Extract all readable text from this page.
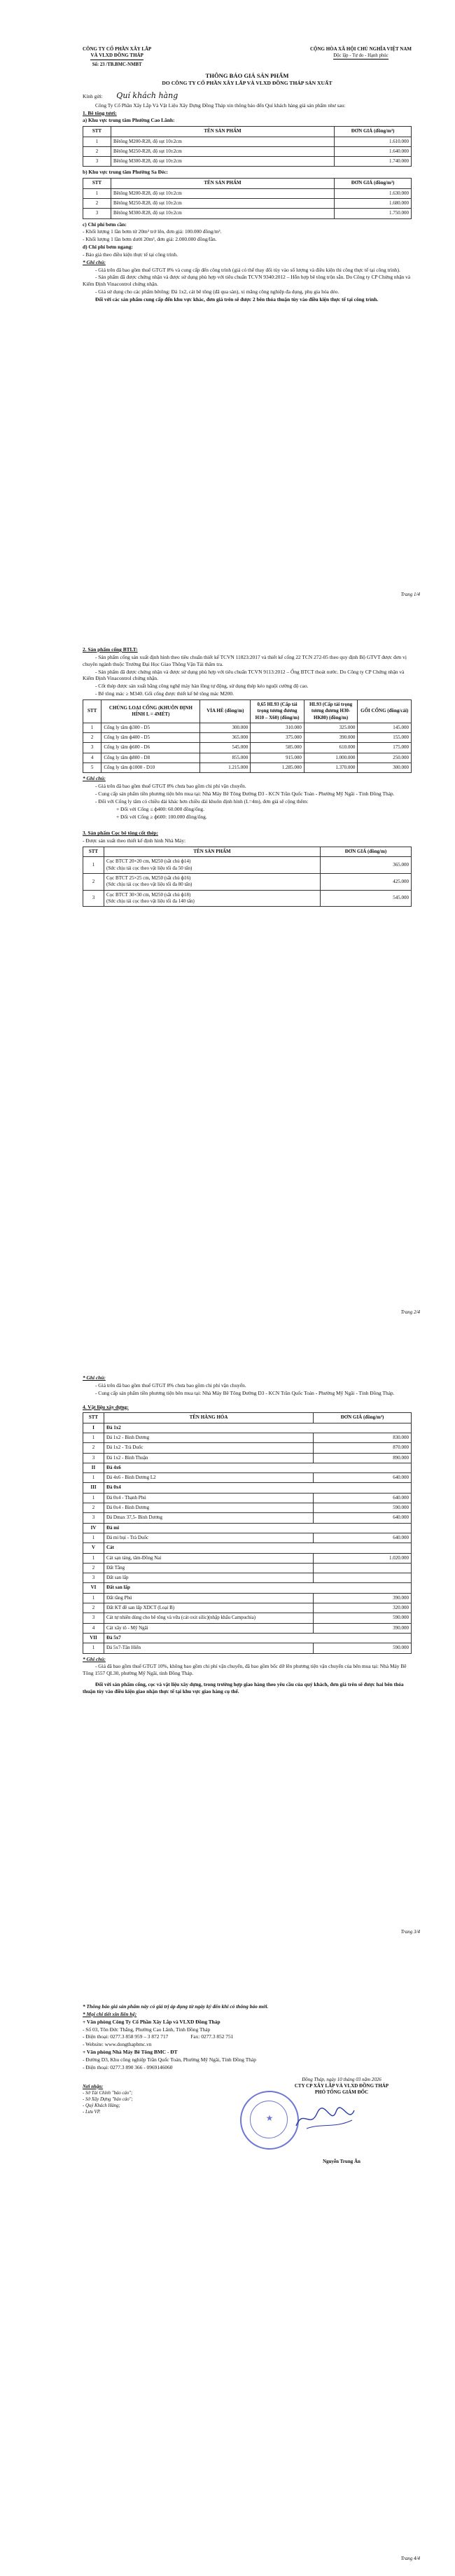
CÔNG TY CỔ PHẦN XÂY LẮP
VÀ VLXD ĐỒNG THÁP
Số: 23 /TB.BMC-NMBT
CỘNG HÒA XÃ HỘI CHỦ NGHĨA VIỆT NAM
Độc lập - Tự do - Hạnh phúc
THÔNG BÁO GIÁ SẢN PHẨM
DO CÔNG TY CỔ PHẦN XÂY LẮP VÀ VLXD ĐỒNG THÁP SẢN XUẤT
Kính gửi: Quí khách hàng

Công Ty Cổ Phần Xây Lắp Và Vật Liệu Xây Dựng Đồng Tháp xin thông báo đến Quí khách hàng giá sản phẩm như sau:

1. Bê tông tươi:

a) Khu vực trung tâm Phường Cao Lãnh:

STT	TÊN SẢN PHẨM	ĐƠN GIÁ (đồng/m³)
1	Bêtông M200-R28, độ sụt 10±2cm	1.610.000
2	Bêtông M250-R28, độ sụt 10±2cm	1.640.000
3	Bêtông M300-R28, độ sụt 10±2cm	1.740.000

b) Khu vực trung tâm Phường Sa Đéc:

STT	TÊN SẢN PHẨM	ĐƠN GIÁ (đồng/m³)
1	Bêtông M200-R28, độ sụt 10±2cm	1.630.000
2	Bêtông M250-R28, độ sụt 10±2cm	1.680.000
3	Bêtông M300-R28, độ sụt 10±2cm	1.750.000

c) Chi phí bơm cần:

- Khối lượng 1 lần bơm từ 20m³ trở lên, đơn giá: 100.000 đồng/m³.

- Khối lượng 1 lần bơm dưới 20m³, đơn giá: 2.000.000 đồng/lần.

d) Chi phí bơm ngang:

- Báo giá theo điều kiện thực tế tại công trình.

* Ghi chú:

- Giá trên đã bao gồm thuế GTGT 8% và cung cấp đến công trình (giá có thể thay đổi tùy vào số lượng và điều kiện thi công thực tế tại công trình).

- Sản phẩm đã được chứng nhận và được sử dụng phù hợp với tiêu chuẩn TCVN 9340:2012 – Hỗn hợp bê tông trộn sẵn. Do Công ty CP Chứng nhận và Kiểm Định Vinacontrol chứng nhận.

- Giá sử dụng cho các phẩm bêtông: Đá 1x2, cát bê tông (đã qua sàn), xi măng công nghiệp đa dụng, phụ gia hóa dẻo.

Đối với các sản phẩm cung cấp đến khu vực khác, đơn giá trên sẽ được 2 bên thỏa thuận tùy vào điều kiện thực tế tại công trình.

Trang 1/4

2. Sản phẩm cống BTLT:

- Sản phẩm cống sản xuất định hình theo tiêu chuẩn thiết kế TCVN 11823:2017 và thiết kế cống 22 TCN 272-05 theo quy định Bộ GTVT được đơn vị chuyên ngành thuộc Trường Đại Học Giao Thông Vận Tải thẩm tra.

- Sản phẩm đã được chứng nhận và được sử dụng phù hợp với tiêu chuẩn TCVN 9113:2012 – Ống BTCT thoát nước. Do Công ty CP Chứng nhận và Kiểm Định Vinacontrol chứng nhận.

- Cốt thép được sản xuất bằng công nghệ máy hàn lồng tự động, sử dụng thép kéo nguội cường độ cao.

- Bê tông mác ≥ M340. Gối cống được thiết kế bê tông mác M200.

STT	CHỦNG LOẠI CỐNG (KHUÔN ĐỊNH HÌNH L = 4MÉT)	VỈA HÈ (đồng/m)	0,65 HL93 (Cấp tải trọng tương đương H10 – X60) (đồng/m)	HL93 (Cấp tải trọng tương đương H30-HK80) (đồng/m)	GỐI CỐNG (đồng/cái)
1	Cống ly tâm ф300 - D5	300.000	310.000	325.000	145.000
2	Cống ly tâm ф400 - D5	365.000	375.000	390.000	155.000
3	Cống ly tâm ф600 - D6	545.000	585.000	610.000	175.000
4	Cống ly tâm ф800 - D8	855.000	915.000	1.000.000	250.000
5	Cống ly tâm ф1000 - D10	1.215.000	1.285.000	1.370.000	300.000

* Ghi chú:

- Giá trên đã bao gồm thuế GTGT 8% chưa bao gồm chi phí vận chuyển.

- Cung cấp sản phẩm tiền phương tiện bên mua tại: Nhà Máy Bê Tông Đường D3 - KCN Trần Quốc Toản - Phường Mỹ Ngãi - Tỉnh Đồng Tháp.

- Đối với Cống ly tâm có chiều dài khác hơn chiều dài khuôn định hình (L=4m), đơn giá sẽ cộng thêm:

+ Đối với Cống ≤ ф400: 60.000 đồng/ống.

+ Đối với Cống ≥ ф600: 100.000 đồng/ống.

3. Sản phẩm Cọc bê tông cốt thép:

- Được sản xuất theo thiết kế định hình Nhà Máy:

STT	TÊN SẢN PHẨM	ĐƠN GIÁ (đồng/m)
1	Cọc BTCT 20×20 cm, M250 (sắt chủ ф14)
(Sức chịu tải cọc theo vật liệu tối đa 50 tấn)	365.000
2	Cọc BTCT 25×25 cm, M250 (sắt chủ ф16)
(Sức chịu tải cọc theo vật liệu tối đa 80 tấn)	425.000
3	Cọc BTCT 30×30 cm, M250 (sắt chủ ф18)
(Sức chịu tải cọc theo vật liệu tối đa 140 tấn)	545.000
Trang 2/4

* Ghi chú:

- Giá trên đã bao gồm thuế GTGT 8% chưa bao gồm chi phí vận chuyển.

- Cung cấp sản phẩm tiền phương tiện bên mua tại: Nhà Máy Bê Tông Đường D3 - KCN Trần Quốc Toản - Phường Mỹ Ngãi - Tỉnh Đồng Tháp.

4. Vật liệu xây dựng:

STT	TÊN HÀNG HÓA	ĐƠN GIÁ (đồng/m³)
I	Đá 1x2	
1	Đá 1x2 - Bình Dương	830.000
2	Đá 1x2 - Trà Duốc	870.000
3	Đá 1x2 - Bình Thuận	890.000
II	Đá 4x6	
1	Đá 4x6 - Bình Dương L2	640.000
III	Đá 0x4	
1	Đá 0x4 - Thạnh Phú	640.000
2	Đá 0x4 - Bình Dương	590.000
3	Đá Dmax 37,5- Bình Dương	640.000
IV	Đá mi	
1	Đá mi bụi - Trà Duốc	640.000
V	Cát	
1	Cát sạn tảng, tâm-Đồng Nai	1.020.000
2	Đất Tẳng	
3	Đất san lấp	
VI	Đất san lấp	
1	Đất tầng Phú	390.000
2	Đất KT đề san lấp XDCT (Loại B)	320.000
3	Cát tự nhiên dùng cho bê tông và vữa (cát oxit silic)(nhập khẩu Campuchia)	590.000
4	Cát xây tô - Mỹ Ngãi	390.000
VII	Đá 5x7	
1	Đá 5x7-Tân Hiển	590.000

* Ghi chú:

- Giá đã bao gồm thuế GTGT 10%, không bao gồm chi phí vận chuyển, đã bao gồm bốc dỡ lên phương tiện vận chuyển của bên mua tại: Nhà Máy Bê Tông 1557 QL30, phường Mỹ Ngãi, tỉnh Đồng Tháp.

Đối với sản phẩm cống, cọc và vật liệu xây dựng, trong trường hợp giao hàng theo yêu cầu của quý khách, đơn giá trên sẽ được hai bên thỏa thuận tùy vào điều kiện giao nhận thực tế tại khu vực giao hàng cụ thể.

Trang 3/4

* Thông báo giá sản phẩm này có giá trị áp dụng từ ngày ký đến khi có thông báo mới.

* Mọi chi tiết xin liên hệ:

+ Văn phòng Công Ty Cổ Phần Xây Lắp và VLXD Đồng Tháp

- Số 03, Tôn Đức Thắng, Phường Cao Lãnh, Tỉnh Đồng Tháp

- Điện thoại: 0277.3 858 959 – 3 872 717	Fax: 0277.3 852 751

- Website: www.dongthapbmc.vn

+ Văn phòng Nhà Máy Bê Tông BMC - ĐT

- Đường D3, Khu công nghiệp Trần Quốc Toản, Phường Mỹ Ngãi, Tỉnh Đồng Tháp

- Điện thoại: 0277.3 890 366 - 0969146060

Nơi nhận:
- Sở Tài Chính "báo cáo";
- Sở Xây Dựng "báo cáo";
- Quý Khách Hàng;
- Lưu VP.
Đồng Tháp, ngày 10 tháng 03 năm 2026
CTY CP XÂY LẮP VÀ VLXD ĐỒNG THÁP
PHÓ TỔNG GIÁM ĐỐC
Nguyễn Trung Ân
★
Trang 4/4
